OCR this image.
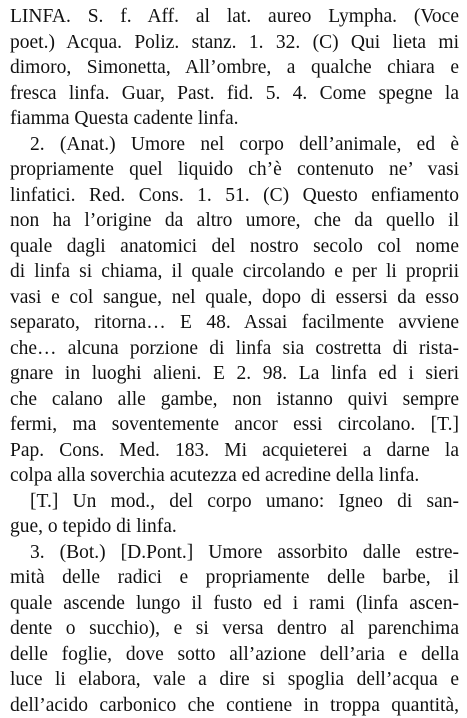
LINFA. S. f. Aff. al lat. aureo Lympha. (Voce
poet.) Acqua. Poliz. stanz. 1. 32. (C) Qui lieta mi
dimoro, Simonetta, All’ombre, a qualche chiara e
fresca linfa. Guar, Past. fid. 5. 4. Come spegne la
fiamma Questa cadente linfa.
2. (Anat.) Umore nel corpo dell’animale, ed è
propriamente quel liquido ch’è contenuto ne’ vasi
linfatici. Red. Cons. 1. 51. (C) Questo enfiamento
non ha l’origine da altro umore, che da quello il
quale dagli anatomici del nostro secolo col nome
di linfa si chiama, il quale circolando e per li proprii
vasi e col sangue, nel quale, dopo di essersi da esso
separato, ritorna… E 48. Assai facilmente avviene
che… alcuna porzione di linfa sia costretta di rista-
gnare in luoghi alieni. E 2. 98. La linfa ed i sieri
che calano alle gambe, non istanno quivi sempre
fermi, ma soventemente ancor essi circolano. [T.]
Pap. Cons. Med. 183. Mi acquieterei a darne la
colpa alla soverchia acutezza ed acredine della linfa.
[T.] Un mod., del corpo umano: Igneo di san-
gue, o tepido di linfa.
3. (Bot.) [D.Pont.] Umore assorbito dalle estre-
mità delle radici e propriamente delle barbe, il
quale ascende lungo il fusto ed i rami (linfa ascen-
dente o succhio), e si versa dentro al parenchima
delle foglie, dove sotto all’azione dell’aria e della
luce li elabora, vale a dire si spoglia dell’acqua e
dell’acido carbonico che contiene in troppa quantità,
